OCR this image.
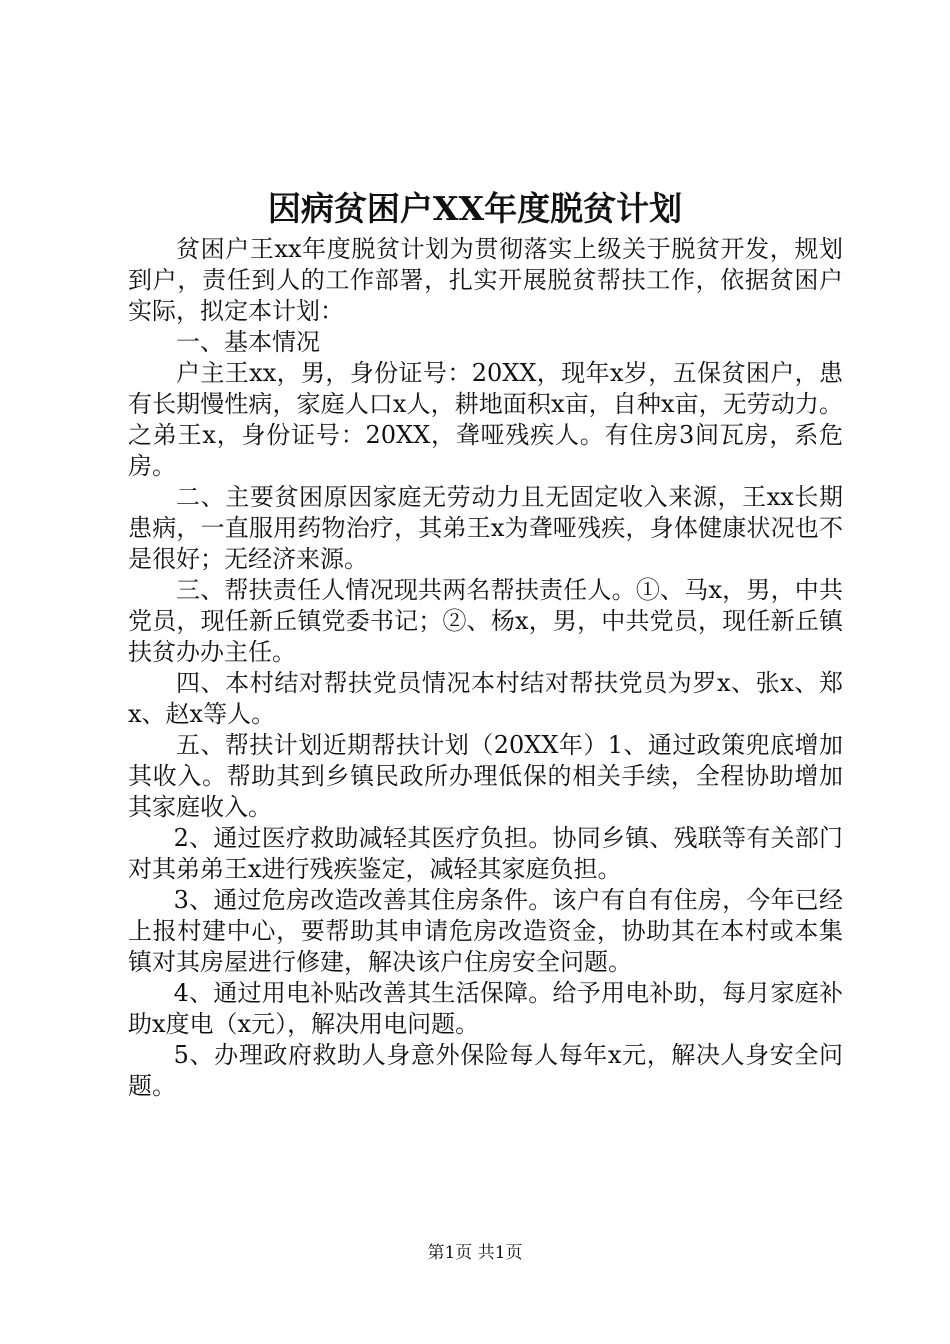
因病贫困户XX年度脱贫计划

贫困户王xx年度脱贫计划为贯彻落实上级关于脱贫开发，规划到户，责任到人的工作部署，扎实开展脱贫帮扶工作，依据贫困户实际，拟定本计划：

一、基本情况

户主王xx，男，身份证号：20XX，现年x岁，五保贫困户，患有长期慢性病，家庭人口x人，耕地面积x亩，自种x亩，无劳动力。之弟王x，身份证号：20XX，聋哑残疾人。有住房3间瓦房，系危房。

二、主要贫困原因家庭无劳动力且无固定收入来源，王xx长期患病，一直服用药物治疗，其弟王x为聋哑残疾，身体健康状况也不是很好；无经济来源。

三、帮扶责任人情况现共两名帮扶责任人。①、马x，男，中共党员，现任新丘镇党委书记；②、杨x，男，中共党员，现任新丘镇扶贫办办主任。

四、本村结对帮扶党员情况本村结对帮扶党员为罗x、张x、郑x、赵x等人。

五、帮扶计划近期帮扶计划（20XX年）1、通过政策兜底增加其收入。帮助其到乡镇民政所办理低保的相关手续，全程协助增加其家庭收入。

2、通过医疗救助减轻其医疗负担。协同乡镇、残联等有关部门对其弟弟王x进行残疾鉴定，减轻其家庭负担。

3、通过危房改造改善其住房条件。该户有自有住房，今年已经上报村建中心，要帮助其申请危房改造资金，协助其在本村或本集镇对其房屋进行修建，解决该户住房安全问题。

4、通过用电补贴改善其生活保障。给予用电补助，每月家庭补助x度电（x元），解决用电问题。

5、办理政府救助人身意外保险每人每年x元，解决人身安全问题。

第1页 共1页
